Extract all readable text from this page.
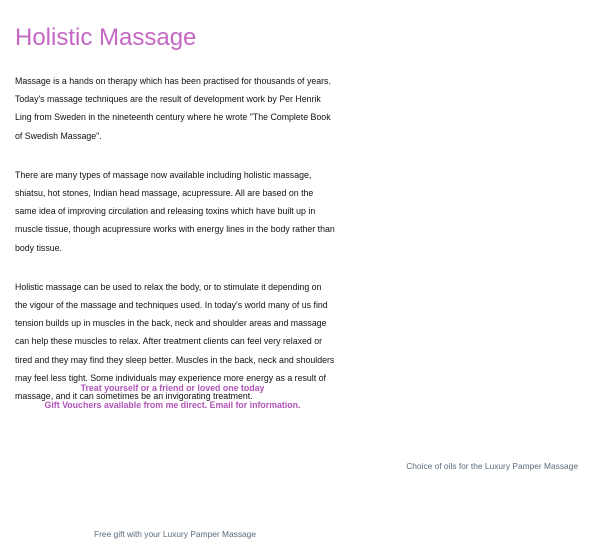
Holistic Massage

Massage is a hands on therapy which has been practised for thousands of years. Today's massage techniques are the result of development work by Per Henrik Ling from Sweden in the nineteenth century where he wrote "The Complete Book of Swedish Massage".

There are many types of massage now available including holistic massage, shiatsu, hot stones, Indian head massage, acupressure. All are based on the same idea of improving circulation and releasing toxins which have built up in muscle tissue, though acupressure works with energy lines in the body rather than body tissue.

Holistic massage can be used to relax the body, or to stimulate it depending on the vigour of the massage and techniques used. In today's world many of us find tension builds up in muscles in the back, neck and shoulder areas and massage can help these muscles to relax. After treatment clients can feel very relaxed or tired and they may find they sleep better. Muscles in the back, neck and shoulders may feel less tight. Some individuals may experience more energy as a result of massage, and it can sometimes be an invigorating treatment.

Treat yourself or a friend or loved one today
Gift Vouchers available from me direct. Email for information.
Choice of oils for the Luxury Pamper Massage
Free gift with your Luxury Pamper Massage
